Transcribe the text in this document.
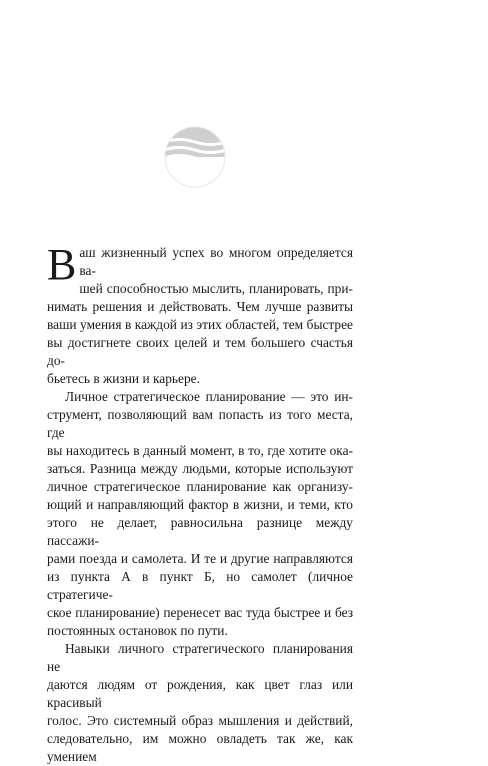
В аш жизненный успех во многом определяется ва-
шей способностью мыслить, планировать, при-
нимать решения и действовать. Чем лучше развиты
ваши умения в каждой из этих областей, тем быстрее
вы достигнете своих целей и тем большего счастья до-
бьетесь в жизни и карьере.

Личное стратегическое планирование — это ин-
струмент, позволяющий вам попасть из того места, где
вы находитесь в данный момент, в то, где хотите ока-
заться. Разница между людьми, которые используют
личное стратегическое планирование как организу-
ющий и направляющий фактор в жизни, и теми, кто
этого не делает, равносильна разнице между пассажи-
рами поезда и самолета. И те и другие направляются
из пункта А в пункт Б, но самолет (личное стратегиче-
ское планирование) перенесет вас туда быстрее и без
постоянных остановок по пути.

Навыки личного стратегического планирования не
даются людям от рождения, как цвет глаз или красивый
голос. Это системный образ мышления и действий,
следовательно, им можно овладеть так же, как умением
